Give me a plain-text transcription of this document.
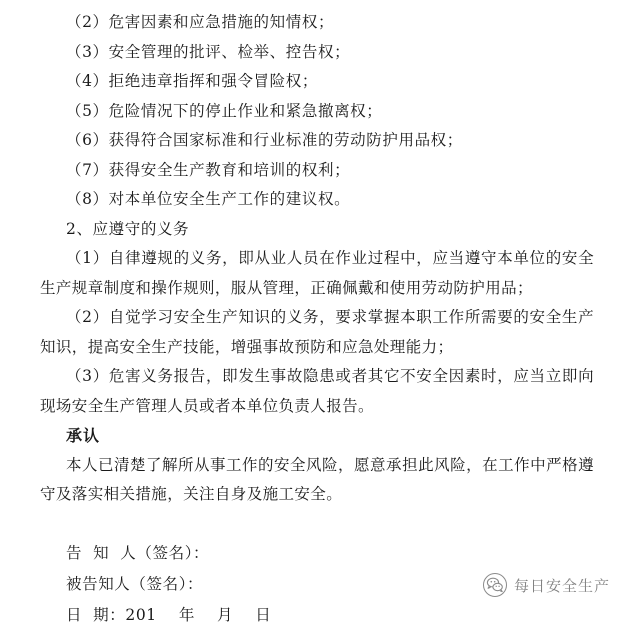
（2）危害因素和应急措施的知情权；
（3）安全管理的批评、检举、控告权；
（4）拒绝违章指挥和强令冒险权；
（5）危险情况下的停止作业和紧急撤离权；
（6）获得符合国家标准和行业标准的劳动防护用品权；
（7）获得安全生产教育和培训的权利；
（8）对本单位安全生产工作的建议权。
2、应遵守的义务
（1）自律遵规的义务，即从业人员在作业过程中，应当遵守本单位的安全生产规章制度和操作规则，服从管理，正确佩戴和使用劳动防护用品；
（2）自觉学习安全生产知识的义务，要求掌握本职工作所需要的安全生产知识，提高安全生产技能，增强事故预防和应急处理能力；
（3）危害义务报告，即发生事故隐患或者其它不安全因素时，应当立即向现场安全生产管理人员或者本单位负责人报告。
承认
本人已清楚了解所从事工作的安全风险，愿意承担此风险，在工作中严格遵守及落实相关措施，关注自身及施工安全。
告  知  人（签名）：
被告知人（签名）：
日  期：201    年    月    日
每日安全生产
